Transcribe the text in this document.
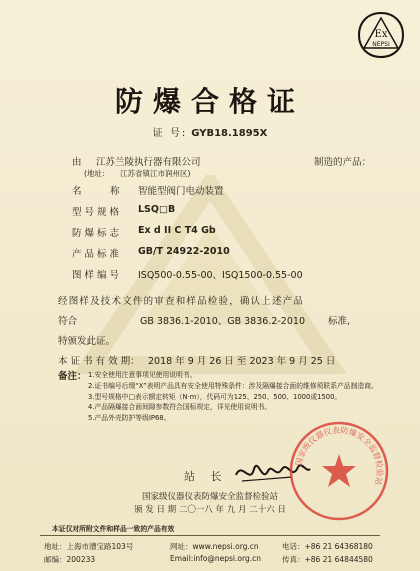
Ex
NEPSI
防爆合格证
证 号: GYB18.1895X
由 江苏兰陵执行器有限公司	制造的产品：
(地址： 江苏省镇江市润州区)
名　　　称 智能型阀门电动装置
型 号 规 格 LSQ□B
防 爆 标 志 Ex d II C T4 Gb
产 品 标 准 GB/T 24922-2010
图 样 编 号 ISQ500-0.55-00、ISQ1500-0.55-00
经图样及技术文件的审查和样品检验，确认上述产品
符合	GB 3836.1-2010、GB 3836.2-2010 标准,
特颁发此证。
本 证 书 有 效 期： 2018 年 9 月 26 日 至 2023 年 9 月 25 日
备注： 1.安全使用注意事项见使用说明书。
2.证书编号后缀“X”表明产品具有安全使用特殊条件：涉及隔爆接合面的维修须联系产品制造商。
3.型号规格中□表示额定转矩（N·m），代码可为125、250、500、1000或1500。
4.产品隔爆接合面间隙参数符合国标规定，详见使用说明书。
5.产品外壳防护等级IP68。
站 长
国家级仪器仪表防爆安全监督检验站
国家级仪器仪表防爆安全监督检验站
颁 发 日 期 二〇一八 年 九 月 二十六 日
本证仅对所附文件和样品一致的产品有效
地址：上海市漕宝路103号
邮编：200233
网址：www.nepsi.org.cn
Email:info@nepsi.org.cn
电话：+86 21 64368180
传真：+86 21 64844580
